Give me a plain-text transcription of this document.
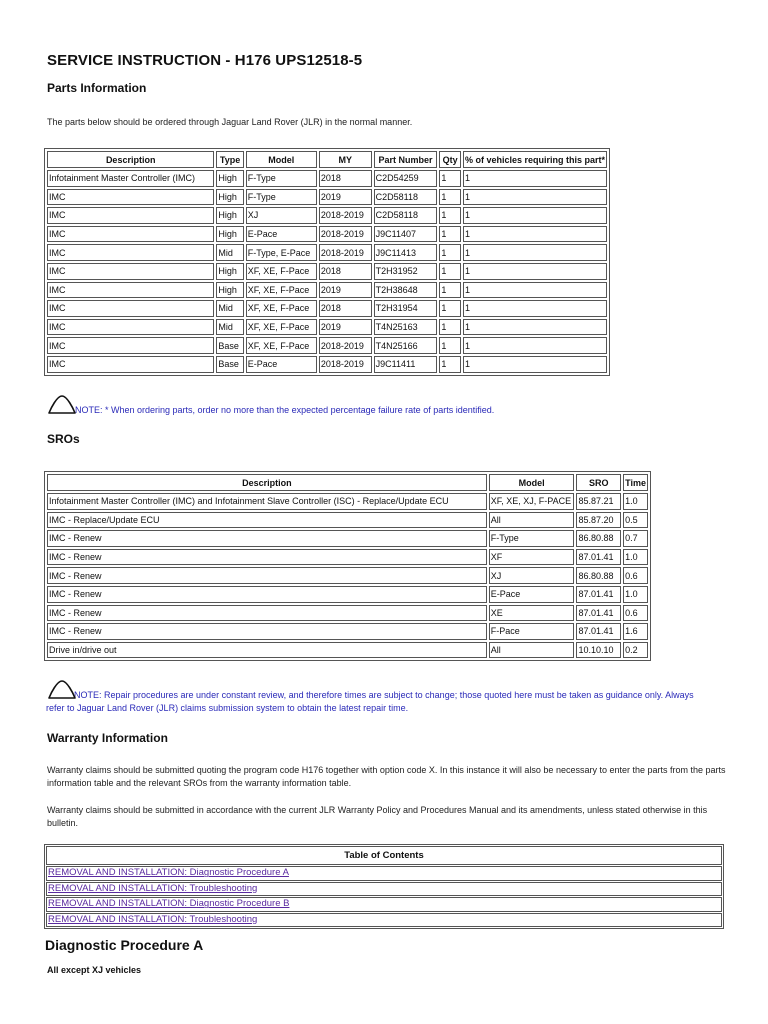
SERVICE INSTRUCTION - H176 UPS12518-5
Parts Information

The parts below should be ordered through Jaguar Land Rover (JLR) in the normal manner.

Description	Type	Model	MY	Part Number	Qty	% of vehicles requiring this part*
Infotainment Master Controller (IMC)	High	F-Type	2018	C2D54259	1	1
IMC	High	F-Type	2019	C2D58118	1	1
IMC	High	XJ	2018-2019	C2D58118	1	1
IMC	High	E-Pace	2018-2019	J9C11407	1	1
IMC	Mid	F-Type, E-Pace	2018-2019	J9C11413	1	1
IMC	High	XF, XE, F-Pace	2018	T2H31952	1	1
IMC	High	XF, XE, F-Pace	2019	T2H38648	1	1
IMC	Mid	XF, XE, F-Pace	2018	T2H31954	1	1
IMC	Mid	XF, XE, F-Pace	2019	T4N25163	1	1
IMC	Base	XF, XE, F-Pace	2018-2019	T4N25166	1	1
IMC	Base	E-Pace	2018-2019	J9C11411	1	1
NOTE: * When ordering parts, order no more than the expected percentage failure rate of parts identified.
SROs
Description	Model	SRO	Time
Infotainment Master Controller (IMC) and Infotainment Slave Controller (ISC) - Replace/Update ECU	XF, XE, XJ, F-PACE	85.87.21	1.0
IMC - Replace/Update ECU	All	85.87.20	0.5
IMC - Renew	F-Type	86.80.88	0.7
IMC - Renew	XF	87.01.41	1.0
IMC - Renew	XJ	86.80.88	0.6
IMC - Renew	E-Pace	87.01.41	1.0
IMC - Renew	XE	87.01.41	0.6
IMC - Renew	F-Pace	87.01.41	1.6
Drive in/drive out	All	10.10.10	0.2
NOTE: Repair procedures are under constant review, and therefore times are subject to change; those quoted here must be taken as guidance only. Always refer to Jaguar Land Rover (JLR) claims submission system to obtain the latest repair time.
Warranty Information

Warranty claims should be submitted quoting the program code H176 together with option code X. In this instance it will also be necessary to enter the parts from the parts information table and the relevant SROs from the warranty information table.

Warranty claims should be submitted in accordance with the current JLR Warranty Policy and Procedures Manual and its amendments, unless stated otherwise in this bulletin.

Table of Contents
REMOVAL AND INSTALLATION: Diagnostic Procedure A
REMOVAL AND INSTALLATION: Troubleshooting
REMOVAL AND INSTALLATION: Diagnostic Procedure B
REMOVAL AND INSTALLATION: Troubleshooting
Diagnostic Procedure A

All except XJ vehicles
